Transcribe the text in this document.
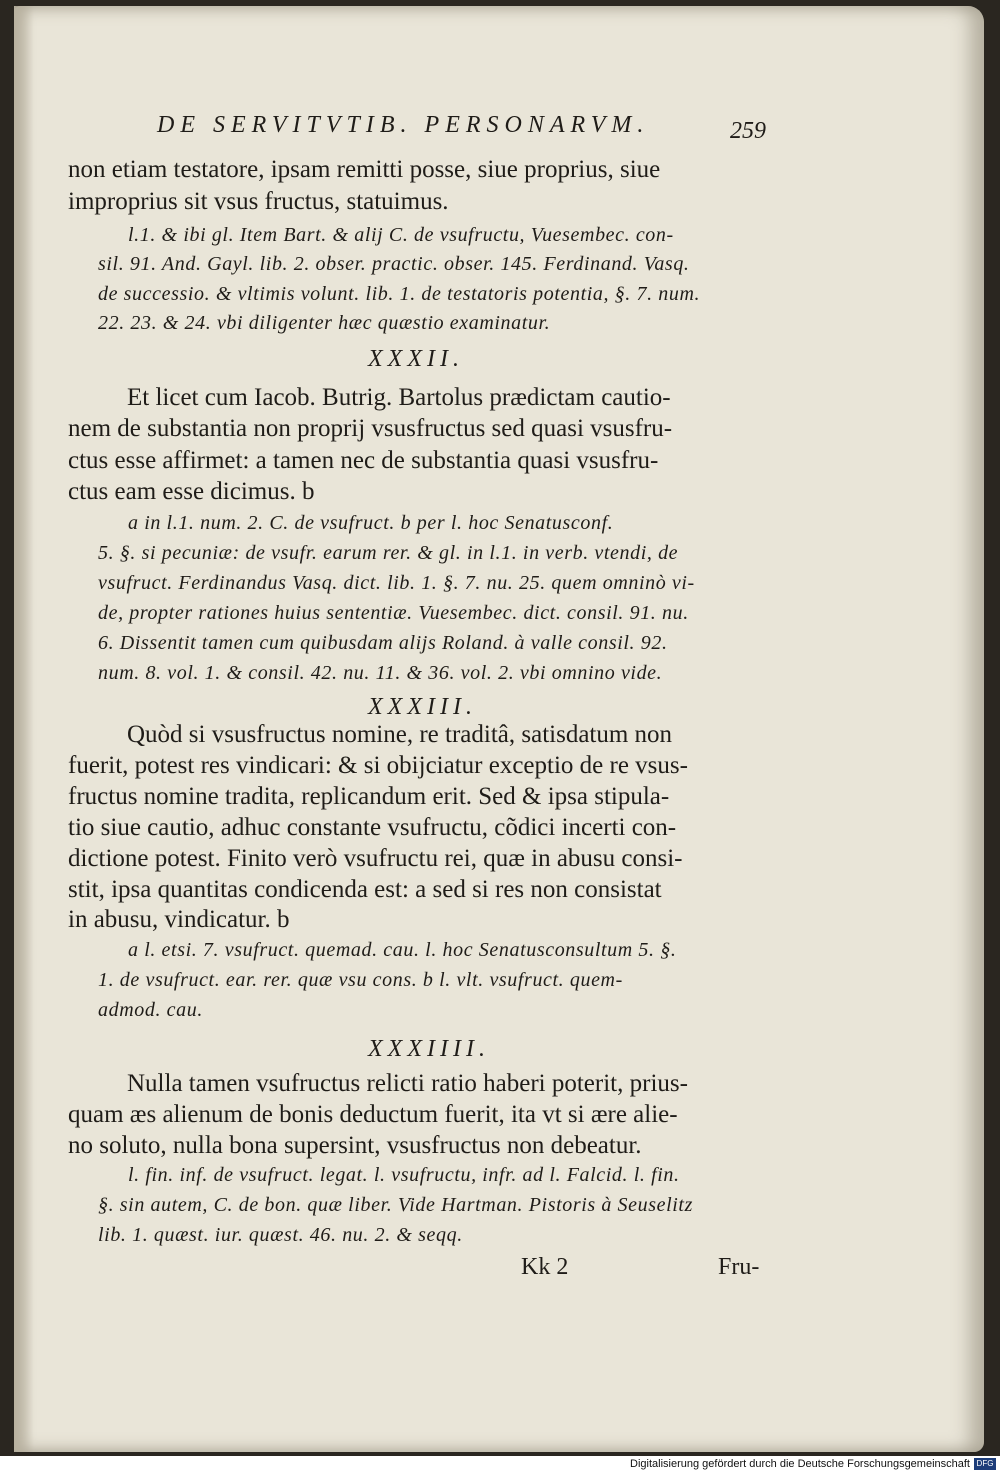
DE SERVITVTIB. PERSONARVM.	259
non etiam testatore, ipsam remitti posse, siue proprius, siue
improprius sit vsus fructus, statuimus.
l.1. & ibi gl. Item Bart. & alij C. de vsufructu, Vuesembec. con-
sil. 91. And. Gayl. lib. 2. obser. practic. obser. 145. Ferdinand. Vasq.
de successio. & vltimis volunt. lib. 1. de testatoris potentia, §. 7. num.
22. 23. & 24. vbi diligenter hæc quæstio examinatur.
XXXII.
Et licet cum Iacob. Butrig. Bartolus prædictam cautio-
nem de substantia non proprij vsusfructus sed quasi vsusfru-
ctus esse affirmet: a tamen nec de substantia quasi vsusfru-
ctus eam esse dicimus. b
a in l.1. num. 2. C. de vsufruct. b per l. hoc Senatusconf.
5. §. si pecuniæ: de vsufr. earum rer. & gl. in l.1. in verb. vtendi, de
vsufruct. Ferdinandus Vasq. dict. lib. 1. §. 7. nu. 25. quem omninò vi-
de, propter rationes huius sententiæ. Vuesembec. dict. consil. 91. nu.
6. Dissentit tamen cum quibusdam alijs Roland. à valle consil. 92.
num. 8. vol. 1. & consil. 42. nu. 11. & 36. vol. 2. vbi omnino vide.
XXXIII.
Quòd si vsusfructus nomine, re traditâ, satisdatum non
fuerit, potest res vindicari: & si obijciatur exceptio de re vsus-
fructus nomine tradita, replicandum erit. Sed & ipsa stipula-
tio siue cautio, adhuc constante vsufructu, cõdici incerti con-
dictione potest. Finito verò vsufructu rei, quæ in abusu consi-
stit, ipsa quantitas condicenda est: a sed si res non consistat
in abusu, vindicatur. b
a l. etsi. 7. vsufruct. quemad. cau. l. hoc Senatusconsultum 5. §.
1. de vsufruct. ear. rer. quæ vsu cons. b l. vlt. vsufruct. quem-
admod. cau.
XXXIIII.
Nulla tamen vsufructus relicti ratio haberi poterit, prius-
quam æs alienum de bonis deductum fuerit, ita vt si ære alie-
no soluto, nulla bona supersint, vsusfructus non debeatur.
l. fin. inf. de vsufruct. legat. l. vsufructu, infr. ad l. Falcid. l. fin.
§. sin autem, C. de bon. quæ liber. Vide Hartman. Pistoris à Seuselitz
lib. 1. quæst. iur. quæst. 46. nu. 2. & seqq.
Kk 2	Fru-
Digitalisierung gefördert durch die Deutsche Forschungsgemeinschaft DFG
